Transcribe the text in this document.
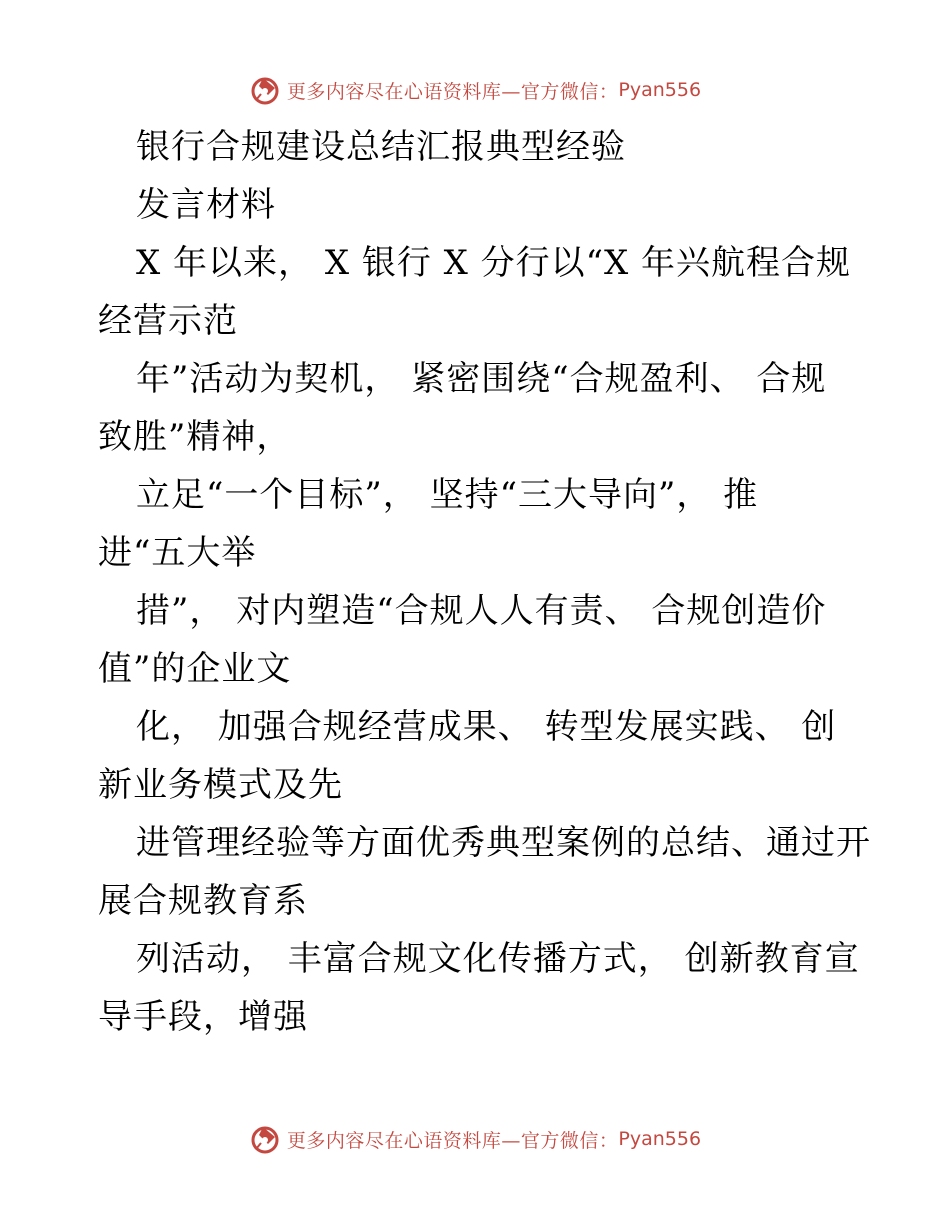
更多内容尽在心语资料库—官方微信： Pyan556
银行合规建设总结汇报典型经验
发言材料
X 年以来， X 银行 X 分行以“X 年兴航程合规
经营示范
年”活动为契机， 紧密围绕“合规盈利、 合规
致胜”精神，
立足“一个目标”， 坚持“三大导向”， 推
进“五大举
措”， 对内塑造“合规人人有责、 合规创造价
值”的企业文
化， 加强合规经营成果、 转型发展实践、 创
新业务模式及先
进管理经验等方面优秀典型案例的总结、通过开
展合规教育系
列活动， 丰富合规文化传播方式， 创新教育宣
导手段，增强
更多内容尽在心语资料库—官方微信： Pyan556
